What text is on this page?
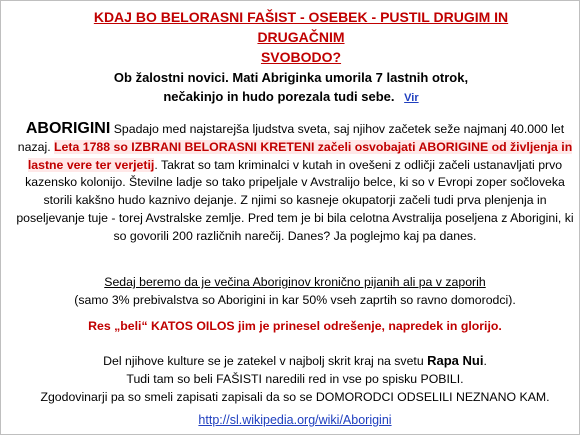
KDAJ BO BELORASNI FAŠIST - OSEBEK - PUSTIL DRUGIM IN DRUGAČNIM
SVOBODO?
Ob žalostni novici. Mati Abriginka umorila 7 lastnih otrok,
nečakinjo in hudo porezala tudi sebe. Vir
ABORIGINI Spadajo med najstarejša ljudstva sveta, saj njihov začetek seže najmanj 40.000 let nazaj. Leta 1788 so IZBRANI BELORASNI KRETENI začeli osvobajati ABORIGINE od življenja in lastne vere ter verjetij. Takrat so tam kriminalci v kutah in ovešeni z odličji začeli ustanavljati prvo kazensko kolonijo. Številne ladje so tako pripeljale v Avstralijo belce, ki so v Evropi zoper sočloveka storili kakšno hudo kaznivo dejanje. Z njimi so kasneje okupatorji začeli tudi prva plenjenja in poseljevanje tuje - torej Avstralske zemlje. Pred tem je bi bila celotna Avstralija poseljena z Aborigini, ki so govorili 200 različnih narečij. Danes? Ja poglejmo kaj pa danes.
Sedaj beremo da je večina Aboriginov kronično pijanih ali pa v zaporih
(samo 3% prebivalstva so Aborigini in kar 50% vseh zaprtih so ravno domorodci).
Res „beli“ KATOS OILOS jim je prinesel odrešenje, napredek in glorijo.
Del njihove kulture se je zatekel v najbolj skrit kraj na svetu Rapa Nui.
Tudi tam so beli FAŠISTI naredili red in vse po spisku POBILI.
Zgodovinarji pa so smeli zapisati zapisali da so se DOMORODCI ODSELILI NEZNANO KAM.
http://sl.wikipedia.org/wiki/Aborigini
